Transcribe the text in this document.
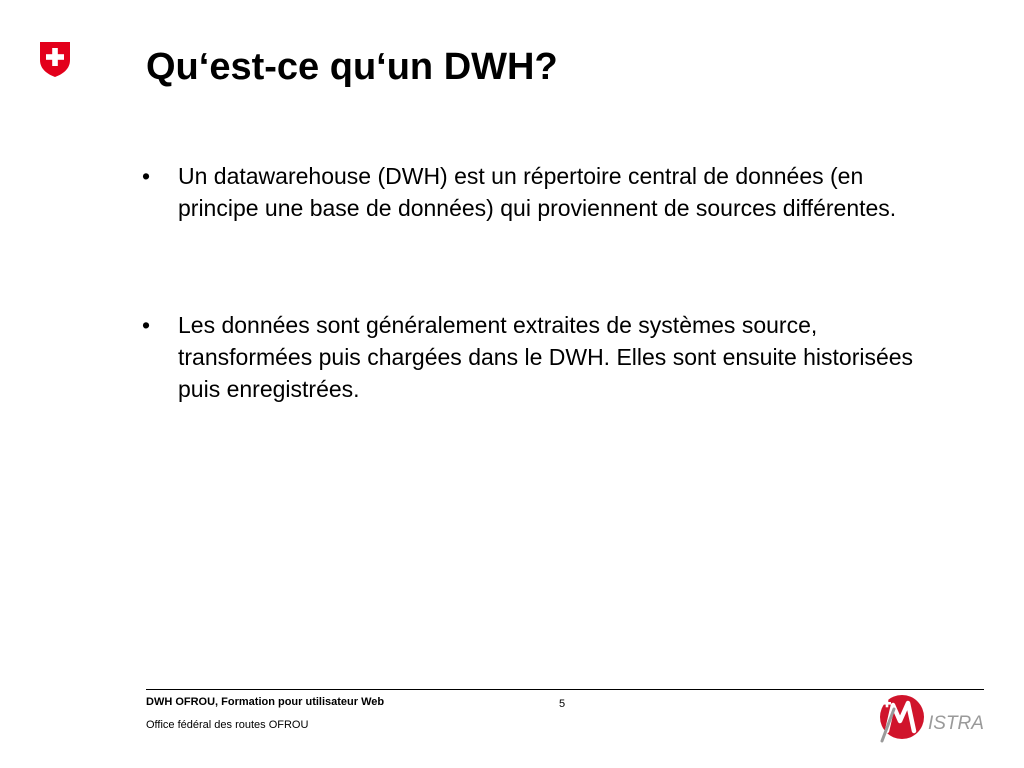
Qu‘est-ce qu‘un DWH?
• Un datawarehouse (DWH) est un répertoire central de données (en principe une base de données) qui proviennent de sources différentes.
• Les données sont généralement extraites de systèmes source, transformées puis chargées dans le DWH. Elles sont ensuite historisées puis enregistrées.
DWH OFROU, Formation pour utilisateur Web
Office fédéral des routes OFROU
5
ISTRA
